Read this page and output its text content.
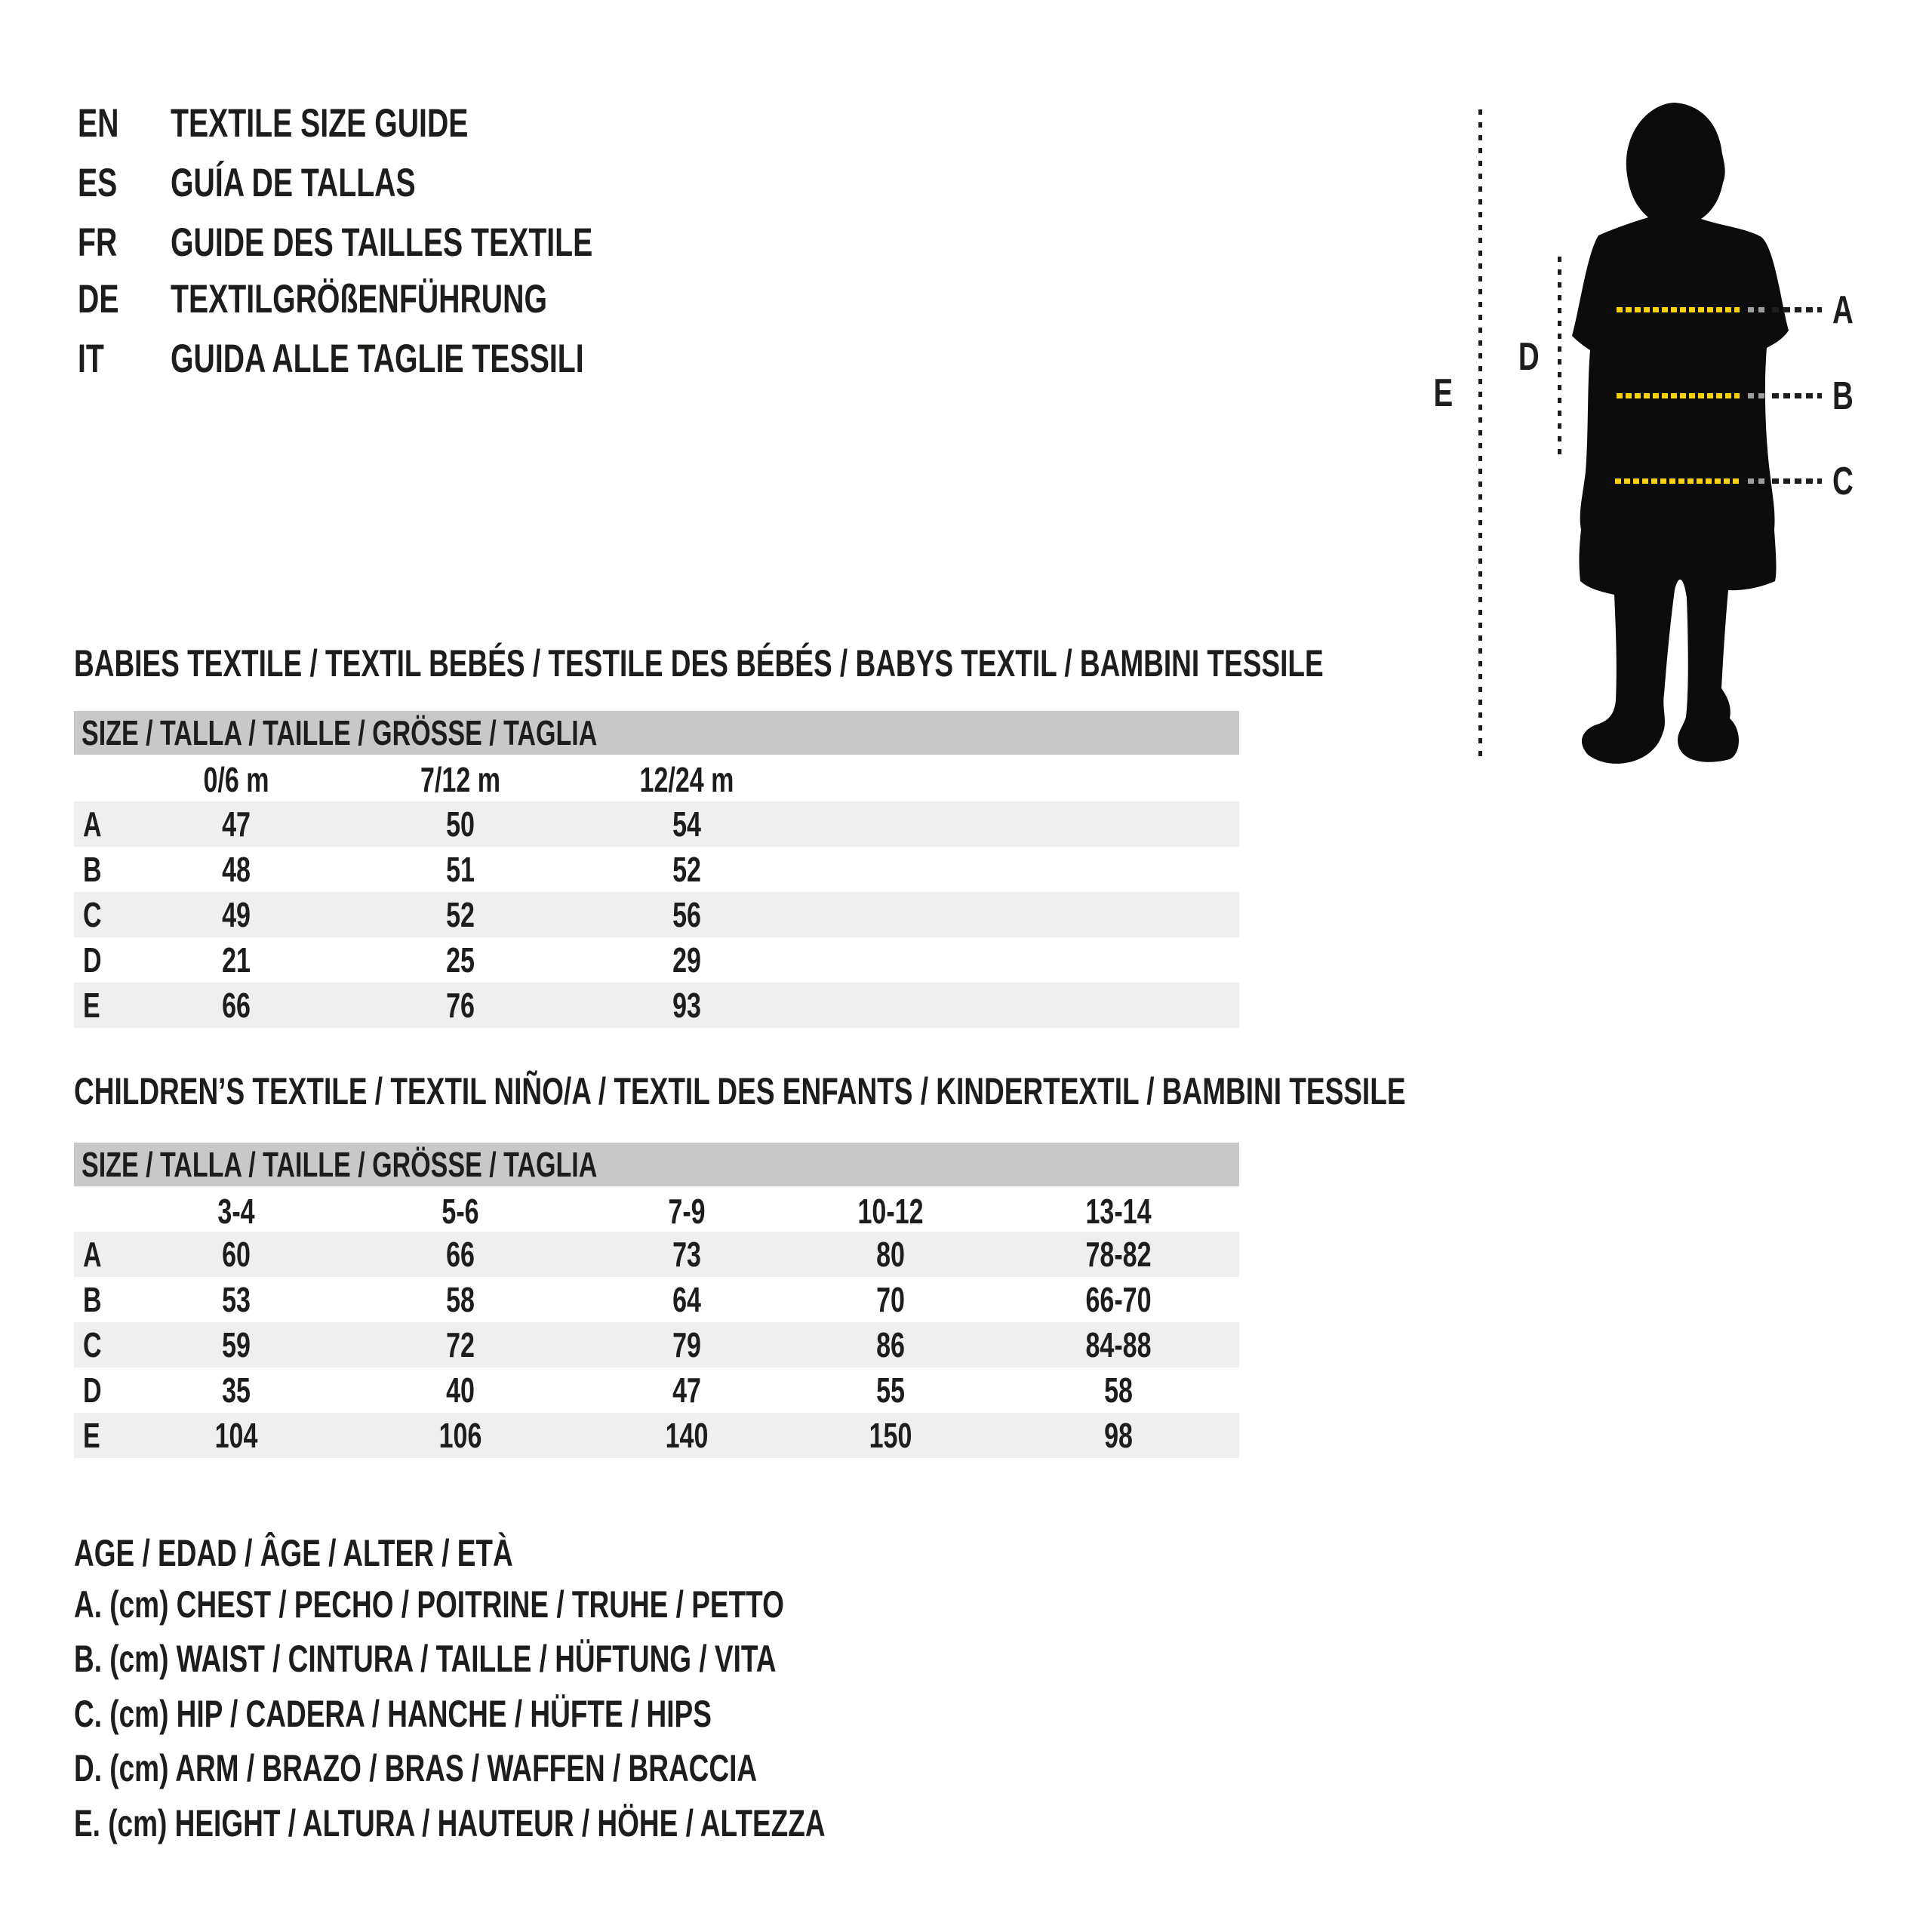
EN	TEXTILE SIZE GUIDE
ES	GUÍA DE TALLAS
FR	GUIDE DES TAILLES TEXTILE
DE	TEXTILGRÖßENFÜHRUNG
IT GUIDA ALLE TAGLIE TESSILI
A
B
C
E
D
BABIES TEXTILE / TEXTIL BEBÉS / TESTILE DES BÉBÉS / BABYS TEXTIL / BAMBINI TESSILE
SIZE / TALLA / TAILLE / GRÖSSE / TAGLIA
0/6 m	7/12 m	12/24 m
A	47	50	54
B	48	51	52
C	49	52	56
D	21	25	29
E	66	76	93
CHILDREN’S TEXTILE / TEXTIL NIÑO/A / TEXTIL DES ENFANTS / KINDERTEXTIL / BAMBINI TESSILE
SIZE / TALLA / TAILLE / GRÖSSE / TAGLIA
3-4	5-6	7-9	10-12	13-14
A	60	66	73	80	78-82
B	53	58	64	70	66-70
C	59	72	79	86	84-88
D	35	40	47	55	58
E	104	106	140	150	98
AGE / EDAD / ÂGE / ALTER / ETÀ
A. (cm) CHEST / PECHO / POITRINE / TRUHE / PETTO
B. (cm) WAIST / CINTURA / TAILLE / HÜFTUNG / VITA
C. (cm) HIP / CADERA / HANCHE / HÜFTE / HIPS
D. (cm) ARM / BRAZO / BRAS / WAFFEN / BRACCIA
E. (cm) HEIGHT / ALTURA / HAUTEUR / HÖHE / ALTEZZA
